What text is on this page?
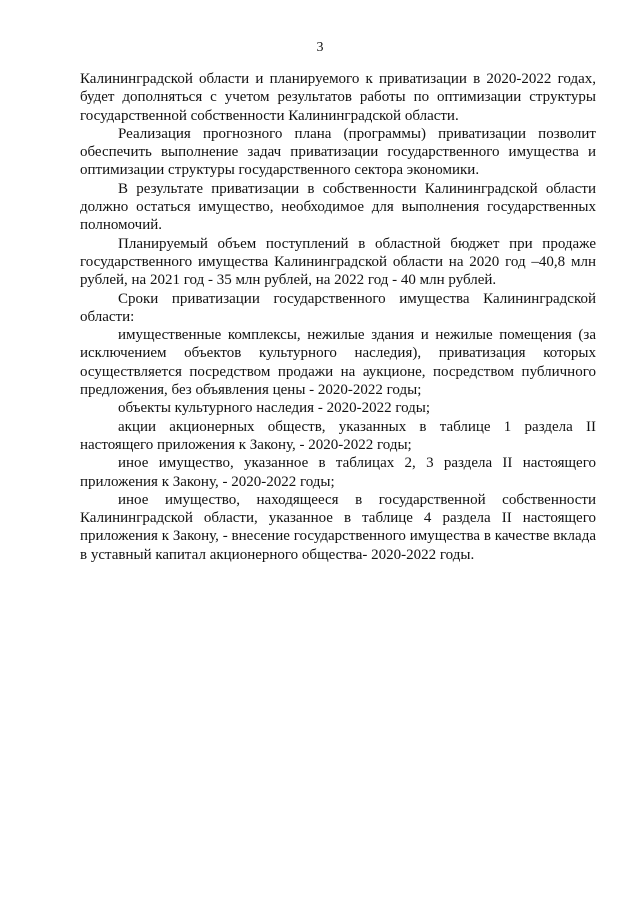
3

Калининградской области и планируемого к приватизации в 2020-2022 годах, будет дополняться с учетом результатов работы по оптимизации структуры государственной собственности Калининградской области.

Реализация прогнозного плана (программы) приватизации позволит обеспечить выполнение задач приватизации государственного имущества и оптимизации структуры государственного сектора экономики.

В результате приватизации в собственности Калининградской области должно остаться имущество, необходимое для выполнения государственных полномочий.

Планируемый объем поступлений в областной бюджет при продаже государственного имущества Калининградской области на 2020 год –40,8 млн рублей, на 2021 год - 35 млн рублей, на 2022 год - 40 млн рублей.

Сроки приватизации государственного имущества Калининградской области:

имущественные комплексы, нежилые здания и нежилые помещения (за исключением объектов культурного наследия), приватизация которых осуществляется посредством продажи на аукционе, посредством публичного предложения, без объявления цены - 2020-2022 годы;

объекты культурного наследия - 2020-2022 годы;

акции акционерных обществ, указанных в таблице 1 раздела II настоящего приложения к Закону, - 2020-2022 годы;

иное имущество, указанное в таблицах 2, 3 раздела II настоящего приложения к Закону, - 2020-2022 годы;

иное имущество, находящееся в государственной собственности Калининградской области, указанное в таблице 4 раздела II настоящего приложения к Закону, - внесение государственного имущества в качестве вклада в уставный капитал акционерного общества- 2020-2022 годы.
